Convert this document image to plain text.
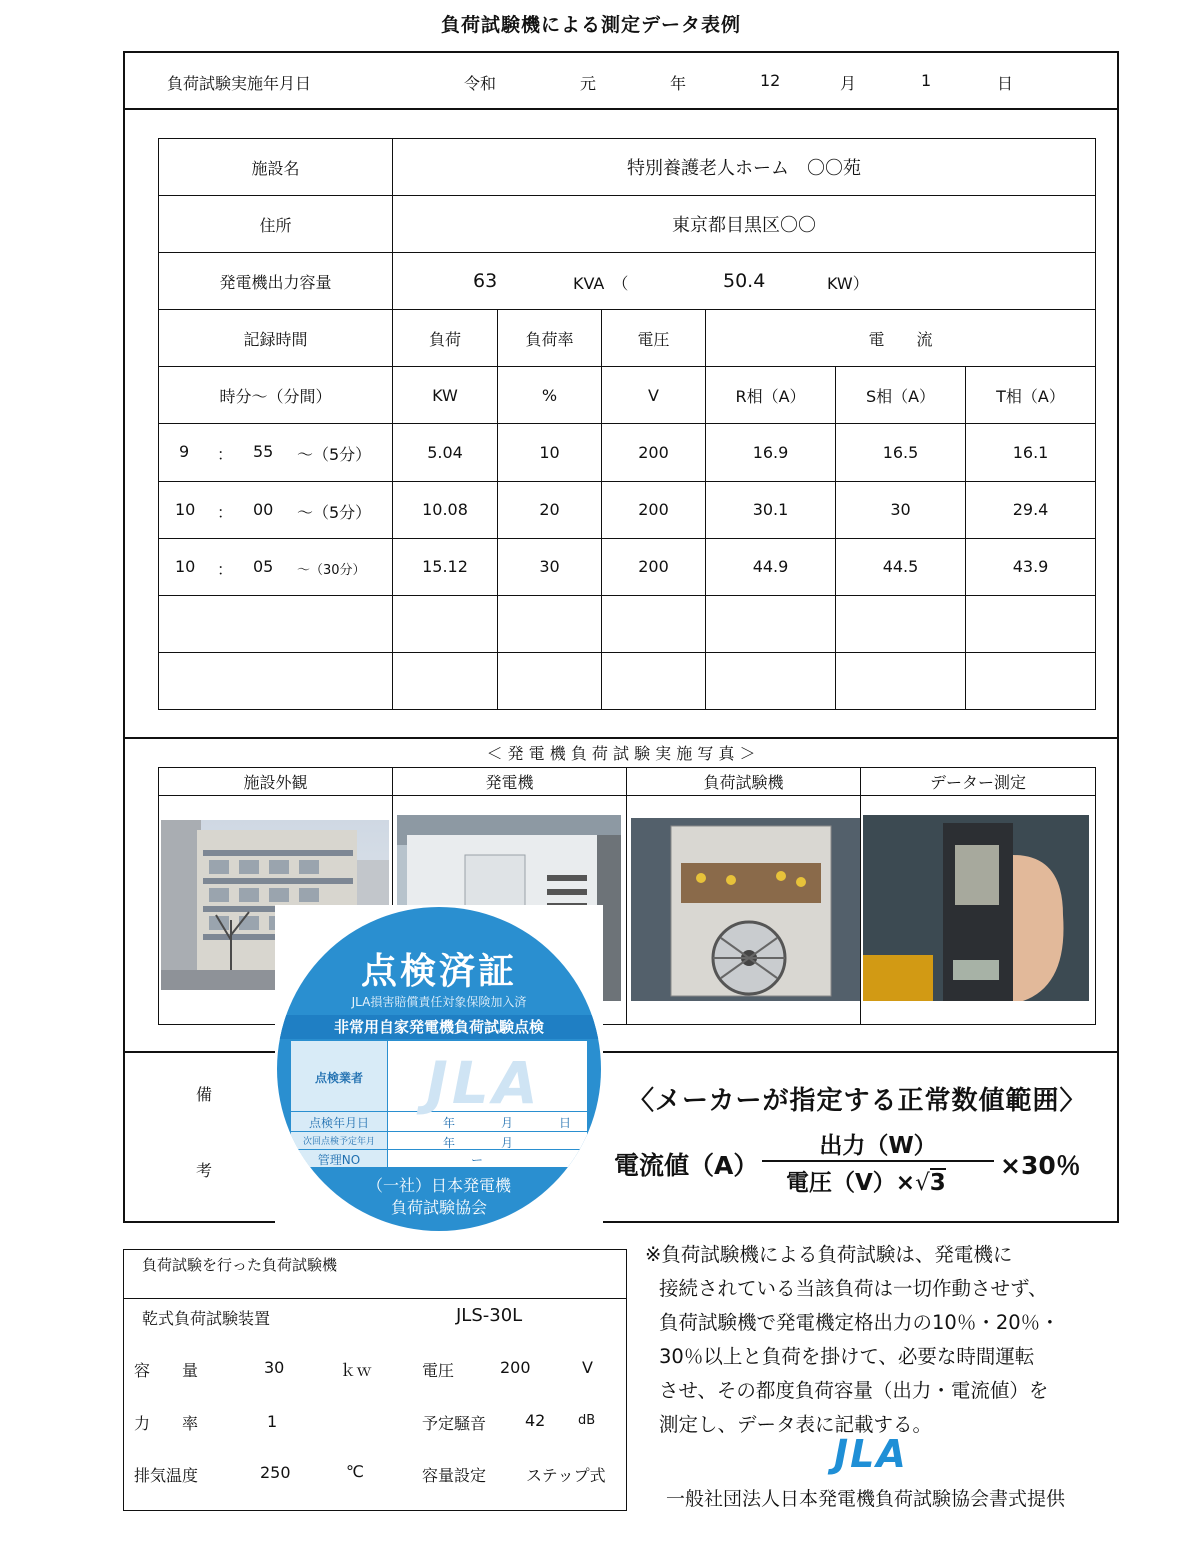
負荷試験機による測定データ表例
負荷試験実施年月日	令和	元	年	12	月	1	日
施設名	特別養護老人ホーム　〇〇苑					
住所	東京都目黒区〇〇					
発電機出力容量	63 KVA　（ 50.4 KW）					

記録時間	負荷	負荷率	電圧	電　　流		
時分～（分間）	KW	%	V	R相（A）	S相（A）	T相（A）

9 ： 55 ～（5分）	5.04	10	200	16.9	16.5	16.1

10 ： 00 ～（5分）	10.08	20	200	30.1	30	29.4

10 ： 05 ～（30分）	15.12	30	200	44.9	44.5	43.9

＜ 発 電 機 負 荷 試 験 実 施 写 真 ＞
施設外観	発電機	負荷試験機	データー測定

備
考
点検済証
JLA損害賠償責任対象保険加入済
非常用自家発電機負荷試験点検
JLA
点検業者
点検年月日
次回点検予定年月
管理NO
年	月	日
年	月
ー
（一社）日本発電機
負荷試験協会
〈メーカーが指定する正常数値範囲〉
電流値（A）
出力（W）
電圧（V）×√3
×30％
負荷試験を行った負荷試験機
乾式負荷試験装置	JLS-30L
容　　量	30	ｋｗ	電圧	200	V
力　　率	1	予定騒音 42	dB
排気温度	250	℃	容量設定 ステップ式
※負荷試験機による負荷試験は、発電機に
接続されている当該負荷は一切作動させず、
負荷試験機で発電機定格出力の10％・20％・
30％以上と負荷を掛けて、必要な時間運転
させ、その都度負荷容量（出力・電流値）を
測定し、データ表に記載する。
JLA
一般社団法人日本発電機負荷試験協会書式提供
